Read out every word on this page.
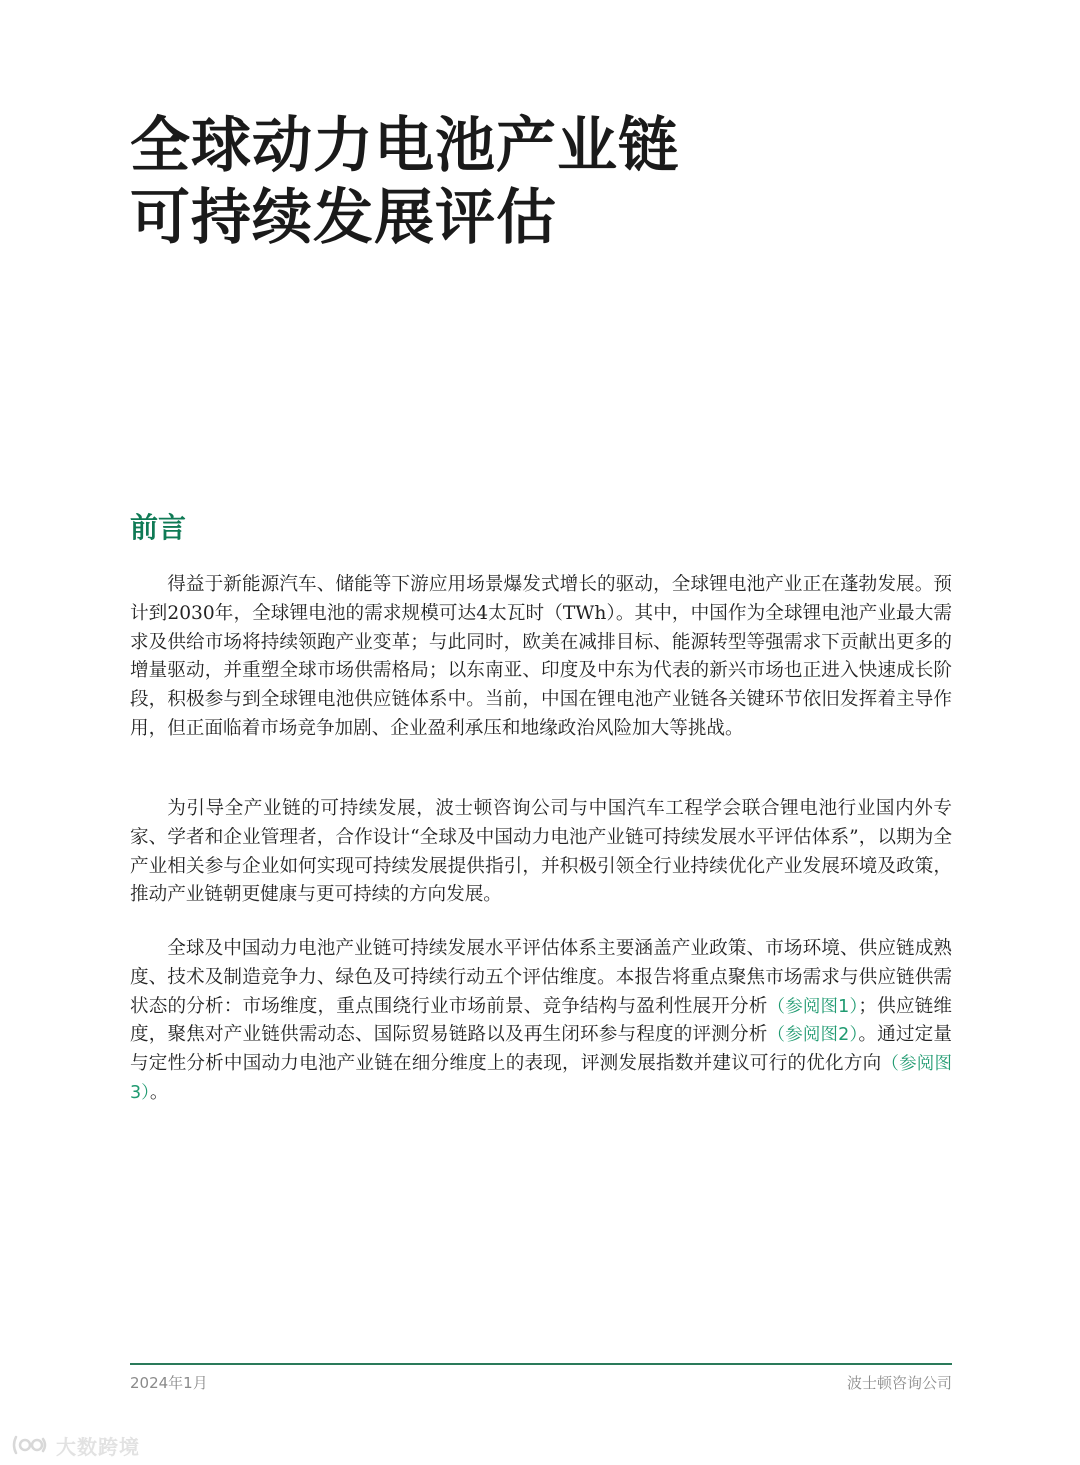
全球动力电池产业链
可持续发展评估
前言

得益于新能源汽车、储能等下游应用场景爆发式增长的驱动，全球锂电池产业正在蓬勃发展。预计到2030年，全球锂电池的需求规模可达4太瓦时（TWh）。其中，中国作为全球锂电池产业最大需求及供给市场将持续领跑产业变革；与此同时，欧美在减排目标、能源转型等强需求下贡献出更多的增量驱动，并重塑全球市场供需格局；以东南亚、印度及中东为代表的新兴市场也正进入快速成长阶段，积极参与到全球锂电池供应链体系中。当前，中国在锂电池产业链各关键环节依旧发挥着主导作用，但正面临着市场竞争加剧、企业盈利承压和地缘政治风险加大等挑战。

为引导全产业链的可持续发展，波士顿咨询公司与中国汽车工程学会联合锂电池行业国内外专家、学者和企业管理者，合作设计“全球及中国动力电池产业链可持续发展水平评估体系”，以期为全产业相关参与企业如何实现可持续发展提供指引，并积极引领全行业持续优化产业发展环境及政策，推动产业链朝更健康与更可持续的方向发展。

全球及中国动力电池产业链可持续发展水平评估体系主要涵盖产业政策、市场环境、供应链成熟度、技术及制造竞争力、绿色及可持续行动五个评估维度。本报告将重点聚焦市场需求与供应链供需状态的分析：市场维度，重点围绕行业市场前景、竞争结构与盈利性展开分析（参阅图1）；供应链维度，聚焦对产业链供需动态、国际贸易链路以及再生闭环参与程度的评测分析（参阅图2）。通过定量与定性分析中国动力电池产业链在细分维度上的表现，评测发展指数并建议可行的优化方向（参阅图3）。

2024年1月	波士顿咨询公司
大数跨境
